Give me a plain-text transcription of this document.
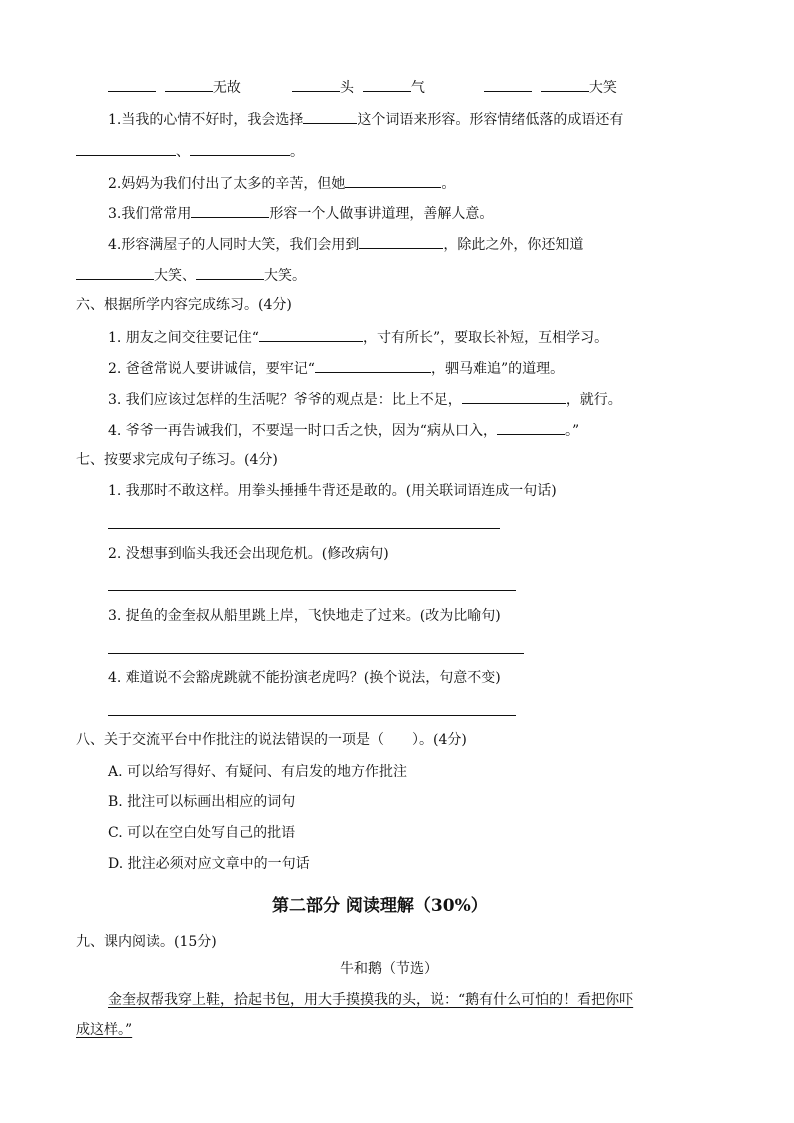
无故	头	气	大笑
1.当我的心情不好时，我会选择	这个词语来形容。形容情绪低落的成语还有
、	。
2.妈妈为我们付出了太多的辛苦，但她	。
3.我们常常用	形容一个人做事讲道理，善解人意。
4.形容满屋子的人同时大笑，我们会用到	，除此之外，你还知道
大笑、	大笑。
六、根据所学内容完成练习。(4分)
1. 朋友之间交往要记住“	，寸有所长”，要取长补短，互相学习。
2. 爸爸常说人要讲诚信，要牢记“	，驷马难追”的道理。
3. 我们应该过怎样的生活呢？爷爷的观点是：比上不足，	，就行。
4. 爷爷一再告诫我们，不要逞一时口舌之快，因为“病从口入，	。”
七、按要求完成句子练习。(4分)
1. 我那时不敢这样。用拳头捶捶牛背还是敢的。(用关联词语连成一句话)
2. 没想事到临头我还会出现危机。(修改病句)
3. 捉鱼的金奎叔从船里跳上岸，飞快地走了过来。(改为比喻句)
4. 难道说不会豁虎跳就不能扮演老虎吗？(换个说法，句意不变)
八、关于交流平台中作批注的说法错误的一项是（　　）。(4分)
A. 可以给写得好、有疑问、有启发的地方作批注
B. 批注可以标画出相应的词句
C. 可以在空白处写自己的批语
D. 批注必须对应文章中的一句话
第二部分 阅读理解（30%）
九、课内阅读。(15分)
牛和鹅（节选）
金奎叔帮我穿上鞋，拾起书包，用大手摸摸我的头，说：“鹅有什么可怕的！看把你吓
成这样。”
